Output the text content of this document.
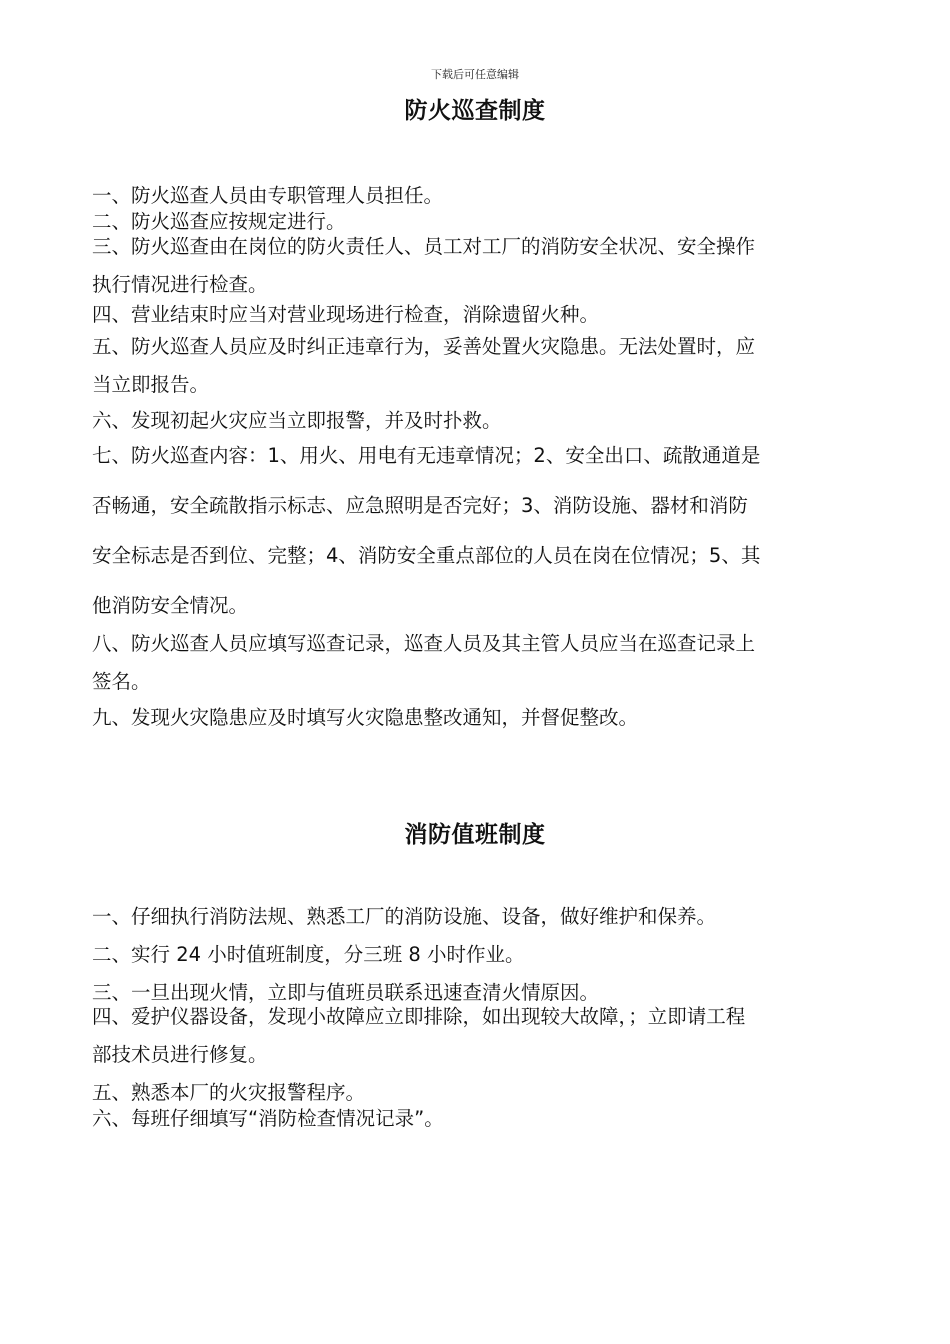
下载后可任意编辑
防火巡查制度
一、防火巡查人员由专职管理人员担任。
二、防火巡查应按规定进行。
三、防火巡查由在岗位的防火责任人、员工对工厂的消防安全状况、安全操作
执行情况进行检查。
四、营业结束时应当对营业现场进行检查，消除遗留火种。
五、防火巡查人员应及时纠正违章行为，妥善处置火灾隐患。无法处置时，应
当立即报告。
六、发现初起火灾应当立即报警，并及时扑救。
七、防火巡查内容：1、用火、用电有无违章情况；2、安全出口、疏散通道是
否畅通，安全疏散指示标志、应急照明是否完好；3、消防设施、器材和消防
安全标志是否到位、完整；4、消防安全重点部位的人员在岗在位情况；5、其
他消防安全情况。
八、防火巡查人员应填写巡查记录，巡查人员及其主管人员应当在巡查记录上
签名。
九、发现火灾隐患应及时填写火灾隐患整改通知，并督促整改。
消防值班制度
一、仔细执行消防法规、熟悉工厂的消防设施、设备，做好维护和保养。
二、实行 24 小时值班制度，分三班 8 小时作业。
三、一旦出现火情，立即与值班员联系迅速查清火情原因。
四、爱护仪器设备，发现小故障应立即排除，如出现较大故障，；立即请工程
部技术员进行修复。
五、熟悉本厂的火灾报警程序。
六、每班仔细填写“消防检查情况记录”。
